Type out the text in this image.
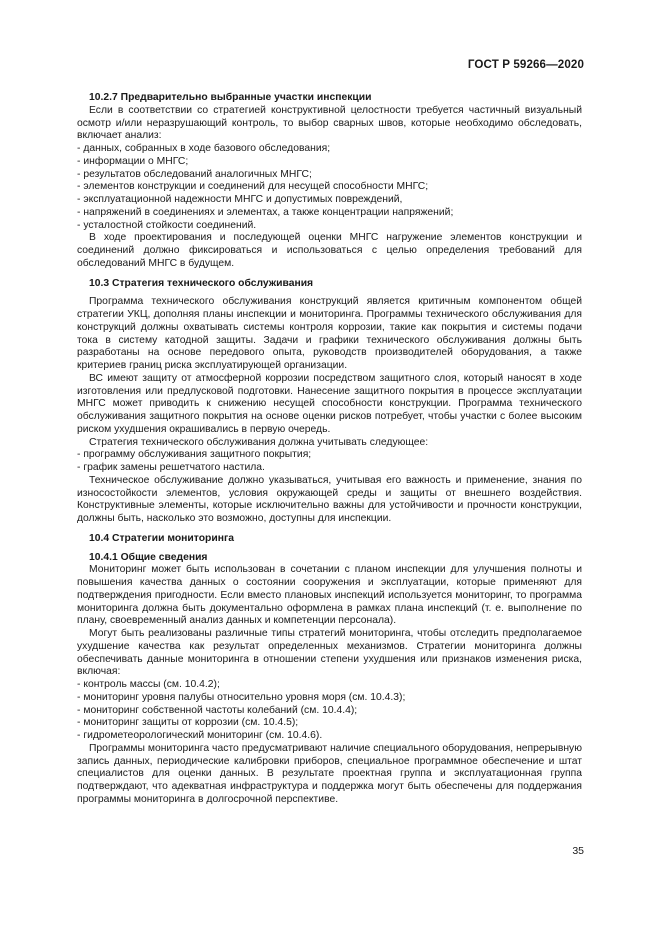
ГОСТ Р 59266—2020

10.2.7 Предварительно выбранные участки инспекции

Если в соответствии со стратегией конструктивной целостности требуется частичный визуальный осмотр и/или неразрушающий контроль, то выбор сварных швов, которые необходимо обследовать, включает анализ:

- данных, собранных в ходе базового обследования;

- информации о МНГС;

- результатов обследований аналогичных МНГС;

- элементов конструкции и соединений для несущей способности МНГС;

- эксплуатационной надежности МНГС и допустимых повреждений,

- напряжений в соединениях и элементах, а также концентрации напряжений;

- усталостной стойкости соединений.

В ходе проектирования и последующей оценки МНГС нагружение элементов конструкции и соединений должно фиксироваться и использоваться с целью определения требований для обследований МНГС в будущем.

10.3 Стратегия технического обслуживания

Программа технического обслуживания конструкций является критичным компонентом общей стратегии УКЦ, дополняя планы инспекции и мониторинга. Программы технического обслуживания для конструкций должны охватывать системы контроля коррозии, такие как покрытия и системы подачи тока в систему катодной защиты. Задачи и графики технического обслуживания должны быть разработаны на основе передового опыта, руководств производителей оборудования, а также критериев границ риска эксплуатирующей организации.

ВС имеют защиту от атмосферной коррозии посредством защитного слоя, который наносят в ходе изготовления или предлусковой подготовки. Нанесение защитного покрытия в процессе эксплуатации МНГС может приводить к снижению несущей способности конструкции. Программа технического обслуживания защитного покрытия на основе оценки рисков потребует, чтобы участки с более высоким риском ухудшения окрашивались в первую очередь.

Стратегия технического обслуживания должна учитывать следующее:

- программу обслуживания защитного покрытия;

- график замены решетчатого настила.

Техническое обслуживание должно указываться, учитывая его важность и применение, знания по износостойкости элементов, условия окружающей среды и защиты от внешнего воздействия. Конструктивные элементы, которые исключительно важны для устойчивости и прочности конструкции, должны быть, насколько это возможно, доступны для инспекции.

10.4 Стратегии мониторинга

10.4.1 Общие сведения

Мониторинг может быть использован в сочетании с планом инспекции для улучшения полноты и повышения качества данных о состоянии сооружения и эксплуатации, которые применяют для подтверждения пригодности. Если вместо плановых инспекций используется мониторинг, то программа мониторинга должна быть документально оформлена в рамках плана инспекций (т. е. выполнение по плану, своевременный анализ данных и компетенции персонала).

Могут быть реализованы различные типы стратегий мониторинга, чтобы отследить предполагаемое ухудшение качества как результат определенных механизмов. Стратегии мониторинга должны обеспечивать данные мониторинга в отношении степени ухудшения или признаков изменения риска, включая:

- контроль массы (см. 10.4.2);

- мониторинг уровня палубы относительно уровня моря (см. 10.4.3);

- мониторинг собственной частоты колебаний (см. 10.4.4);

- мониторинг защиты от коррозии (см. 10.4.5);

- гидрометеорологический мониторинг (см. 10.4.6).

Программы мониторинга часто предусматривают наличие специального оборудования, непрерывную запись данных, периодические калибровки приборов, специальное программное обеспечение и штат специалистов для оценки данных. В результате проектная группа и эксплуатационная группа подтверждают, что адекватная инфраструктура и поддержка могут быть обеспечены для поддержания программы мониторинга в долгосрочной перспективе.

35
